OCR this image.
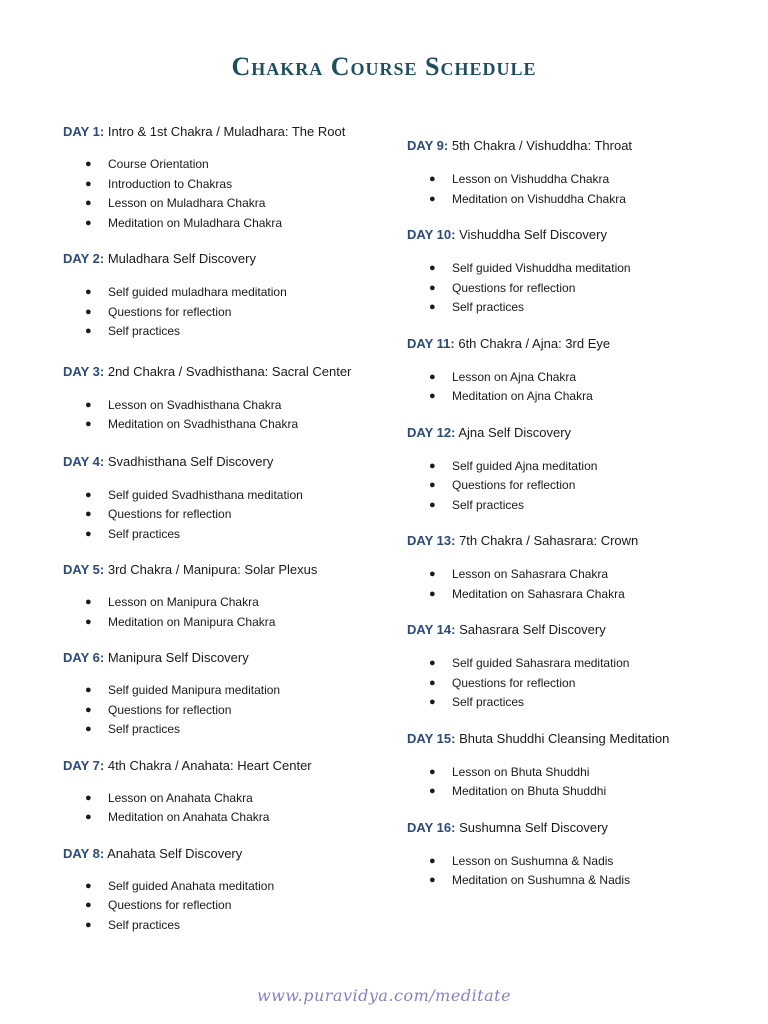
Chakra Course Schedule
DAY 1: Intro & 1st Chakra / Muladhara: The Root
● Course Orientation
● Introduction to Chakras
● Lesson on Muladhara Chakra
● Meditation on Muladhara Chakra
DAY 2: Muladhara Self Discovery
● Self guided muladhara meditation
● Questions for reflection
● Self practices
DAY 3: 2nd Chakra / Svadhisthana: Sacral Center
● Lesson on Svadhisthana Chakra
● Meditation on Svadhisthana Chakra
DAY 4: Svadhisthana Self Discovery
● Self guided Svadhisthana meditation
● Questions for reflection
● Self practices
DAY 5: 3rd Chakra / Manipura: Solar Plexus
● Lesson on Manipura Chakra
● Meditation on Manipura Chakra
DAY 6: Manipura Self Discovery
● Self guided Manipura meditation
● Questions for reflection
● Self practices
DAY 7: 4th Chakra / Anahata: Heart Center
● Lesson on Anahata Chakra
● Meditation on Anahata Chakra
DAY 8: Anahata Self Discovery
● Self guided Anahata meditation
● Questions for reflection
● Self practices
DAY 9: 5th Chakra / Vishuddha: Throat
● Lesson on Vishuddha Chakra
● Meditation on Vishuddha Chakra
DAY 10: Vishuddha Self Discovery
● Self guided Vishuddha meditation
● Questions for reflection
● Self practices
DAY 11: 6th Chakra / Ajna: 3rd Eye
● Lesson on Ajna Chakra
● Meditation on Ajna Chakra
DAY 12: Ajna Self Discovery
● Self guided Ajna meditation
● Questions for reflection
● Self practices
DAY 13: 7th Chakra / Sahasrara: Crown
● Lesson on Sahasrara Chakra
● Meditation on Sahasrara Chakra
DAY 14: Sahasrara Self Discovery
● Self guided Sahasrara meditation
● Questions for reflection
● Self practices
DAY 15: Bhuta Shuddhi Cleansing Meditation
● Lesson on Bhuta Shuddhi
● Meditation on Bhuta Shuddhi
DAY 16: Sushumna Self Discovery
● Lesson on Sushumna & Nadis
● Meditation on Sushumna & Nadis
www.puravidya.com/meditate
